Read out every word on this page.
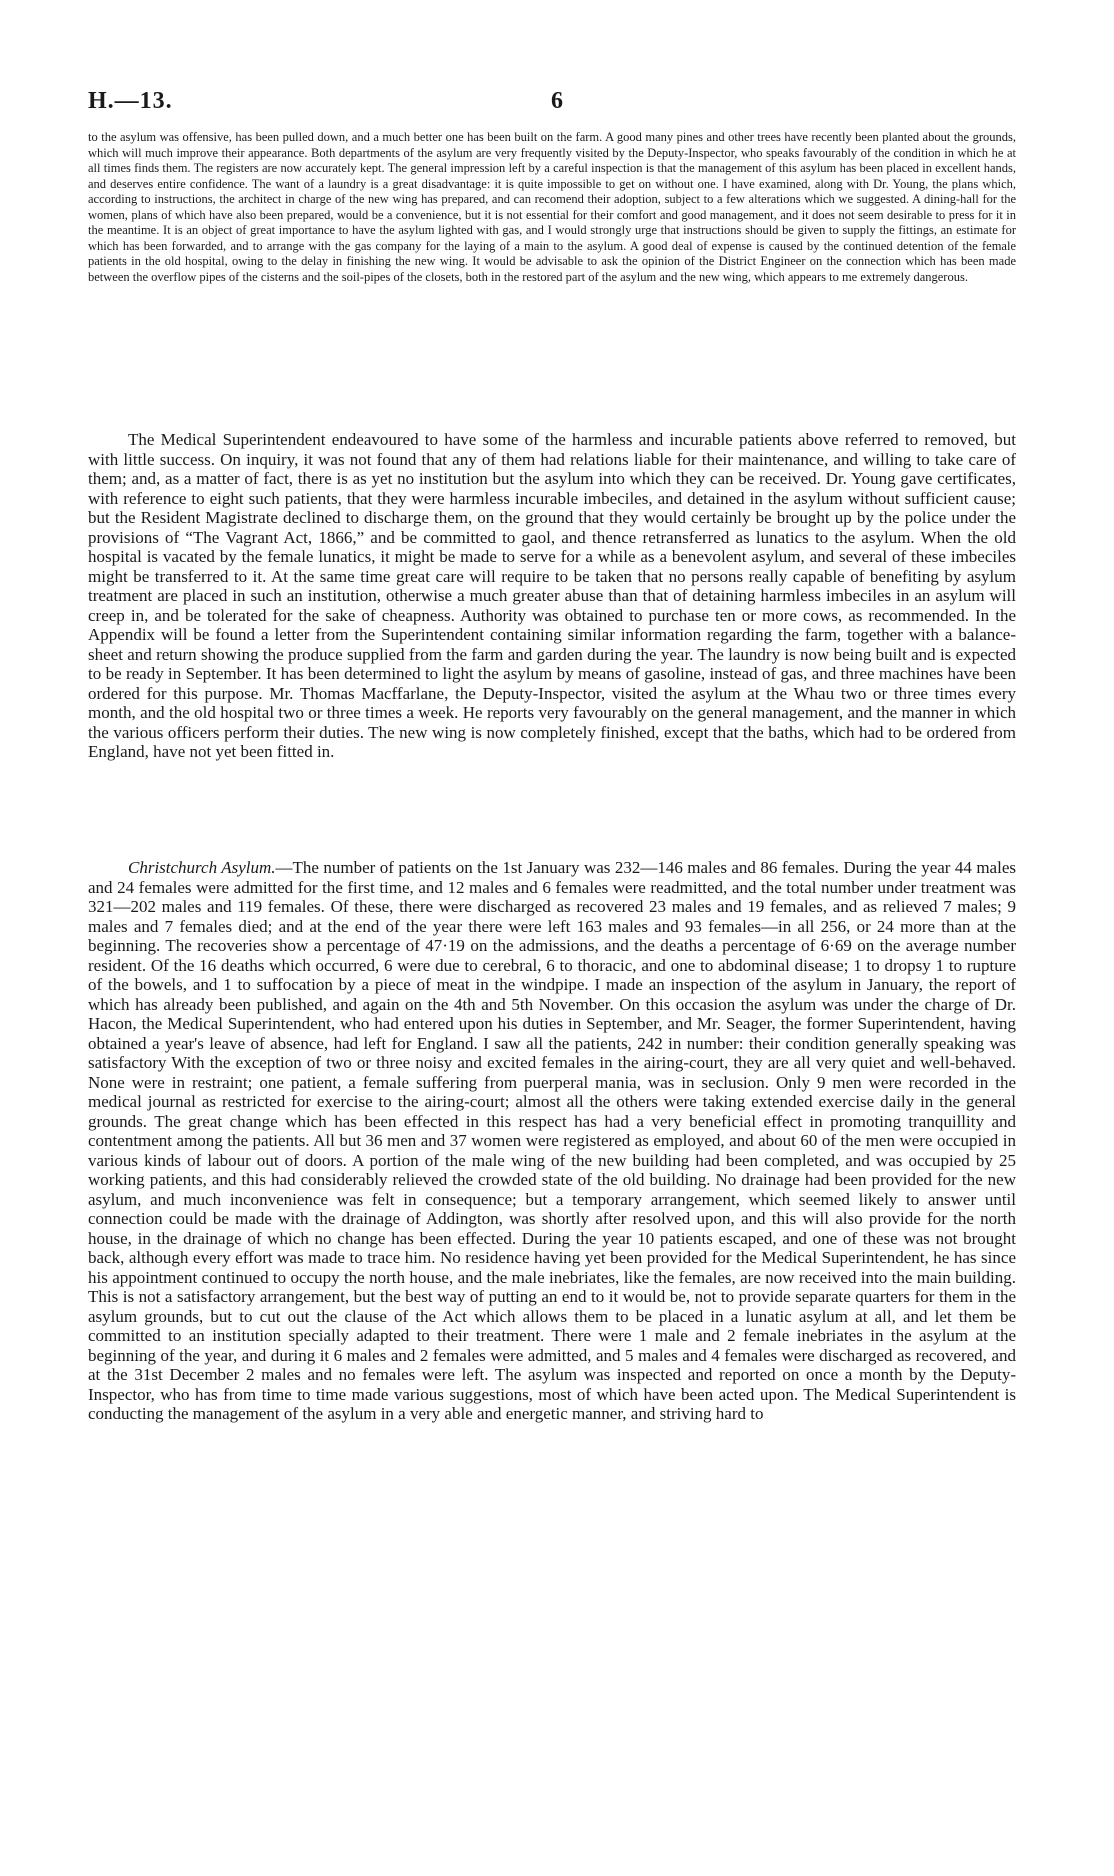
H.—13.	6

to the asylum was offensive, has been pulled down, and a much better one has been built on the farm. A good many pines and other trees have recently been planted about the grounds, which will much improve their appearance. Both departments of the asylum are very frequently visited by the Deputy-Inspector, who speaks favourably of the condition in which he at all times finds them. The registers are now accurately kept. The general impression left by a careful inspection is that the management of this asylum has been placed in excellent hands, and deserves entire confidence. The want of a laundry is a great disadvantage: it is quite impossible to get on without one. I have examined, along with Dr. Young, the plans which, according to instructions, the architect in charge of the new wing has prepared, and can recomend their adoption, subject to a few alterations which we suggested. A dining-hall for the women, plans of which have also been prepared, would be a convenience, but it is not essential for their comfort and good management, and it does not seem desirable to press for it in the meantime. It is an object of great importance to have the asylum lighted with gas, and I would strongly urge that instructions should be given to supply the fittings, an estimate for which has been forwarded, and to arrange with the gas company for the laying of a main to the asylum. A good deal of expense is caused by the continued detention of the female patients in the old hospital, owing to the delay in finishing the new wing. It would be advisable to ask the opinion of the District Engineer on the connection which has been made between the overflow pipes of the cisterns and the soil-pipes of the closets, both in the restored part of the asylum and the new wing, which appears to me extremely dangerous.

The Medical Superintendent endeavoured to have some of the harmless and incurable patients above referred to removed, but with little success. On inquiry, it was not found that any of them had relations liable for their maintenance, and willing to take care of them; and, as a matter of fact, there is as yet no institution but the asylum into which they can be received. Dr. Young gave certificates, with reference to eight such patients, that they were harmless incurable imbeciles, and detained in the asylum without sufficient cause; but the Resident Magistrate declined to discharge them, on the ground that they would certainly be brought up by the police under the provisions of “The Vagrant Act, 1866,” and be committed to gaol, and thence retransferred as lunatics to the asylum. When the old hospital is vacated by the female lunatics, it might be made to serve for a while as a benevolent asylum, and several of these imbeciles might be transferred to it. At the same time great care will require to be taken that no persons really capable of benefiting by asylum treatment are placed in such an institution, otherwise a much greater abuse than that of detaining harmless imbeciles in an asylum will creep in, and be tolerated for the sake of cheapness. Authority was obtained to purchase ten or more cows, as recommended. In the Appendix will be found a letter from the Superintendent containing similar information regarding the farm, together with a balance-sheet and return showing the produce supplied from the farm and garden during the year. The laundry is now being built and is expected to be ready in September. It has been determined to light the asylum by means of gasoline, instead of gas, and three machines have been ordered for this purpose. Mr. Thomas Macffarlane, the Deputy-Inspector, visited the asylum at the Whau two or three times every month, and the old hospital two or three times a week. He reports very favourably on the general management, and the manner in which the various officers perform their duties. The new wing is now completely finished, except that the baths, which had to be ordered from England, have not yet been fitted in.

Christchurch Asylum.—The number of patients on the 1st January was 232—146 males and 86 females. During the year 44 males and 24 females were admitted for the first time, and 12 males and 6 females were readmitted, and the total number under treatment was 321—202 males and 119 females. Of these, there were discharged as recovered 23 males and 19 females, and as relieved 7 males; 9 males and 7 females died; and at the end of the year there were left 163 males and 93 females—in all 256, or 24 more than at the beginning. The recoveries show a percentage of 47·19 on the admissions, and the deaths a percentage of 6·69 on the average number resident. Of the 16 deaths which occurred, 6 were due to cerebral, 6 to thoracic, and one to abdominal disease; 1 to dropsy 1 to rupture of the bowels, and 1 to suffocation by a piece of meat in the windpipe. I made an inspection of the asylum in January, the report of which has already been published, and again on the 4th and 5th November. On this occasion the asylum was under the charge of Dr. Hacon, the Medical Superintendent, who had entered upon his duties in September, and Mr. Seager, the former Superintendent, having obtained a year's leave of absence, had left for England. I saw all the patients, 242 in number: their condition generally speaking was satisfactory With the exception of two or three noisy and excited females in the airing-court, they are all very quiet and well-behaved. None were in restraint; one patient, a female suffering from puerperal mania, was in seclusion. Only 9 men were recorded in the medical journal as restricted for exercise to the airing-court; almost all the others were taking extended exercise daily in the general grounds. The great change which has been effected in this respect has had a very beneficial effect in promoting tranquillity and contentment among the patients. All but 36 men and 37 women were registered as employed, and about 60 of the men were occupied in various kinds of labour out of doors. A portion of the male wing of the new building had been completed, and was occupied by 25 working patients, and this had considerably relieved the crowded state of the old building. No drainage had been provided for the new asylum, and much inconvenience was felt in consequence; but a temporary arrangement, which seemed likely to answer until connection could be made with the drainage of Addington, was shortly after resolved upon, and this will also provide for the north house, in the drainage of which no change has been effected. During the year 10 patients escaped, and one of these was not brought back, although every effort was made to trace him. No residence having yet been provided for the Medical Superintendent, he has since his appointment continued to occupy the north house, and the male inebriates, like the females, are now received into the main building. This is not a satisfactory arrangement, but the best way of putting an end to it would be, not to provide separate quarters for them in the asylum grounds, but to cut out the clause of the Act which allows them to be placed in a lunatic asylum at all, and let them be committed to an institution specially adapted to their treatment. There were 1 male and 2 female inebriates in the asylum at the beginning of the year, and during it 6 males and 2 females were admitted, and 5 males and 4 females were discharged as recovered, and at the 31st December 2 males and no females were left. The asylum was inspected and reported on once a month by the Deputy-Inspector, who has from time to time made various suggestions, most of which have been acted upon. The Medical Superintendent is conducting the management of the asylum in a very able and energetic manner, and striving hard to
